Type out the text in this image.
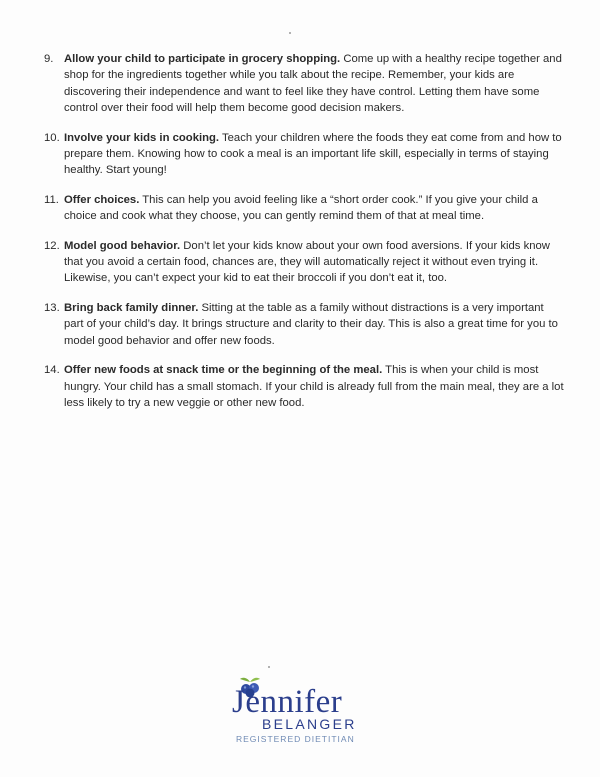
9. Allow your child to participate in grocery shopping. Come up with a healthy recipe together and shop for the ingredients together while you talk about the recipe. Remember, your kids are discovering their independence and want to feel like they have control. Letting them have some control over their food will help them become good decision makers.
10. Involve your kids in cooking. Teach your children where the foods they eat come from and how to prepare them. Knowing how to cook a meal is an important life skill, especially in terms of staying healthy. Start young!
11. Offer choices. This can help you avoid feeling like a “short order cook.” If you give your child a choice and cook what they choose, you can gently remind them of that at meal time.
12. Model good behavior. Don’t let your kids know about your own food aversions. If your kids know that you avoid a certain food, chances are, they will automatically reject it without even trying it. Likewise, you can’t expect your kid to eat their broccoli if you don’t eat it, too.
13. Bring back family dinner. Sitting at the table as a family without distractions is a very important part of your child’s day. It brings structure and clarity to their day. This is also a great time for you to model good behavior and offer new foods.
14. Offer new foods at snack time or the beginning of the meal. This is when your child is most hungry. Your child has a small stomach. If your child is already full from the main meal, they are a lot less likely to try a new veggie or other new food.
Jennifer
BELANGER
REGISTERED DIETITIAN
